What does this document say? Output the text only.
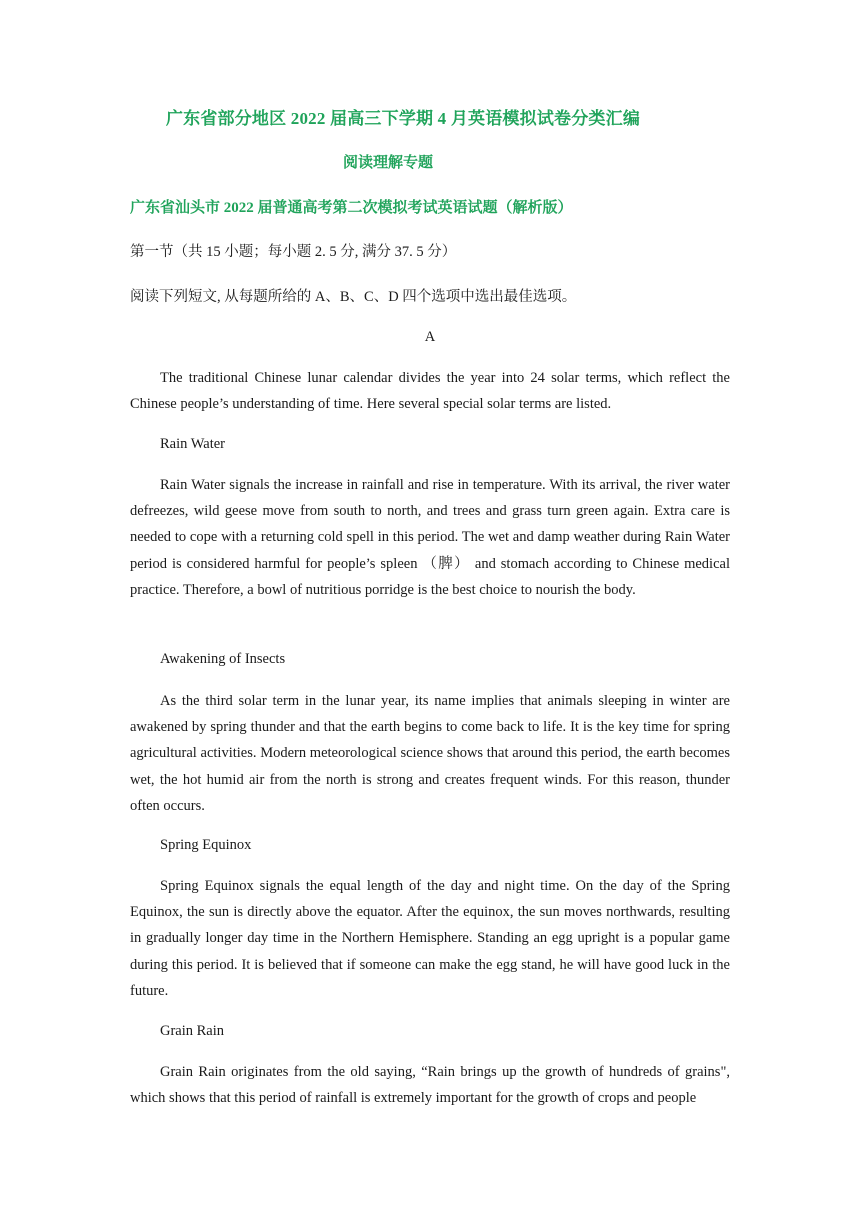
广东省部分地区 2022 届高三下学期 4 月英语模拟试卷分类汇编
阅读理解专题
广东省汕头市 2022 届普通高考第二次模拟考试英语试题（解析版）
第一节（共 15 小题；每小题 2. 5 分, 满分 37. 5 分）
阅读下列短文, 从每题所给的 A、B、C、D 四个选项中选出最佳选项。
A

The traditional Chinese lunar calendar divides the year into 24 solar terms, which reflect the Chinese people’s understanding of time. Here several special solar terms are listed.

Rain Water

Rain Water signals the increase in rainfall and rise in temperature. With its arrival, the river water defreezes, wild geese move from south to north, and trees and grass turn green again. Extra care is needed to cope with a returning cold spell in this period. The wet and damp weather during Rain Water period is considered harmful for people’s spleen （脾） and stomach according to Chinese medical practice. Therefore, a bowl of nutritious porridge is the best choice to nourish the body.

Awakening of Insects

As the third solar term in the lunar year, its name implies that animals sleeping in winter are awakened by spring thunder and that the earth begins to come back to life. It is the key time for spring agricultural activities. Modern meteorological science shows that around this period, the earth becomes wet, the hot humid air from the north is strong and creates frequent winds. For this reason, thunder often occurs.

Spring Equinox

Spring Equinox signals the equal length of the day and night time. On the day of the Spring Equinox, the sun is directly above the equator. After the equinox, the sun moves northwards, resulting in gradually longer day time in the Northern Hemisphere. Standing an egg upright is a popular game during this period. It is believed that if someone can make the egg stand, he will have good luck in the future.

Grain Rain

Grain Rain originates from the old saying, “Rain brings up the growth of hundreds of grains", which shows that this period of rainfall is extremely important for the growth of crops and people
